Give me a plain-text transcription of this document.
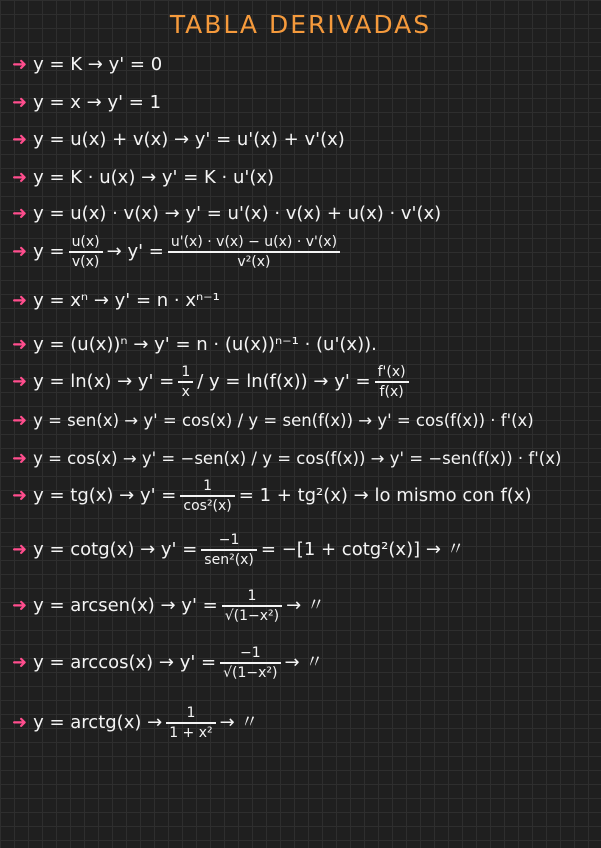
TABLA DERIVADAS
➜ y = K → y' = 0
➜ y = x → y' = 1
➜ y = u(x) + v(x) → y' = u'(x) + v'(x)
➜ y = K · u(x) → y' = K · u'(x)
➜ y = u(x) · v(x) → y' = u'(x) · v(x) + u(x) · v'(x)
➜ $y = \frac{u(x)}{v(x)} \to y' = \frac{u'(x) \cdot v(x) - u(x) \cdot v'(x)}{\text{v²(x)}}$
➜ y = xⁿ → y' = n · xⁿ⁻¹
➜ y = (u(x))ⁿ → y' = n · (u(x))ⁿ⁻¹ · (u'(x)).
➜ $y = \ln(x) \to y' = \frac{1}{x} / y = \ln(f(x)) \to y' = \frac{f'(x)}{f(x)}$
➜ y = sen(x) → y' = cos(x) / y = sen(f(x)) → y' = cos(f(x)) · f'(x)
➜ y = cos(x) → y' = −sen(x) / y = cos(f(x)) → y' = −sen(f(x)) · f'(x)
➜ $y = tg(x) \to y' = \frac{1}{\text{cos²(x)}} = 1 + tg^2(x)$ → lo mismo con f(x)
➜ $y = \cot g(x) \to y' = \frac{-1}{\text{sen²(x)}} = -[1 + \cot g^2(x)]$ → 〃
➜ y = arcsen(x) → $y' = \frac{1}{\text{√(1−x²)}}$ → 〃
➜ $y = \arccos(x) \to y' = \frac{-1}{\text{√(1−x²)}}$ → 〃
➜ y = arctg(x) → $\frac{1}{\text{1 + x²}}$ → 〃
